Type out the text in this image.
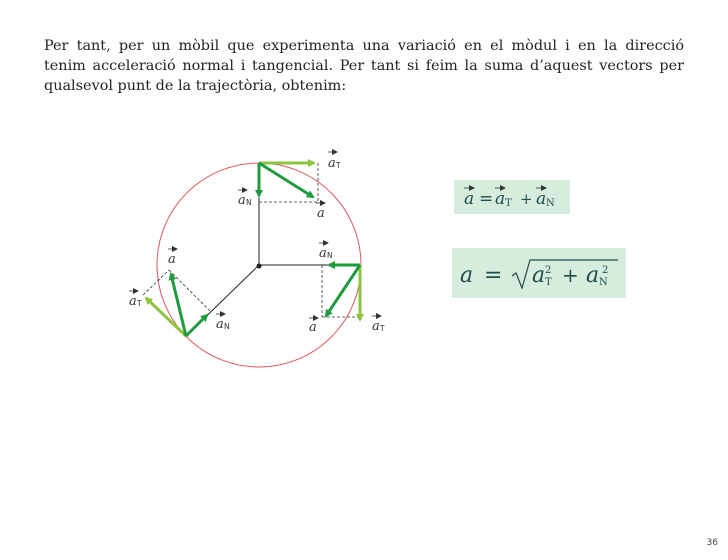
Per tant, per un mòbil que experimenta una variació en el mòdul i en la direcció
tenim acceleració normal i tangencial. Per tant si feim la suma d’aquest vectors per
qualsevol punt de la trajectòria, obtenim:
a T
a N
a
a N
a	a T
a
a T
a N
a = a T + a N
a = a 2
T + a 2
N
36
